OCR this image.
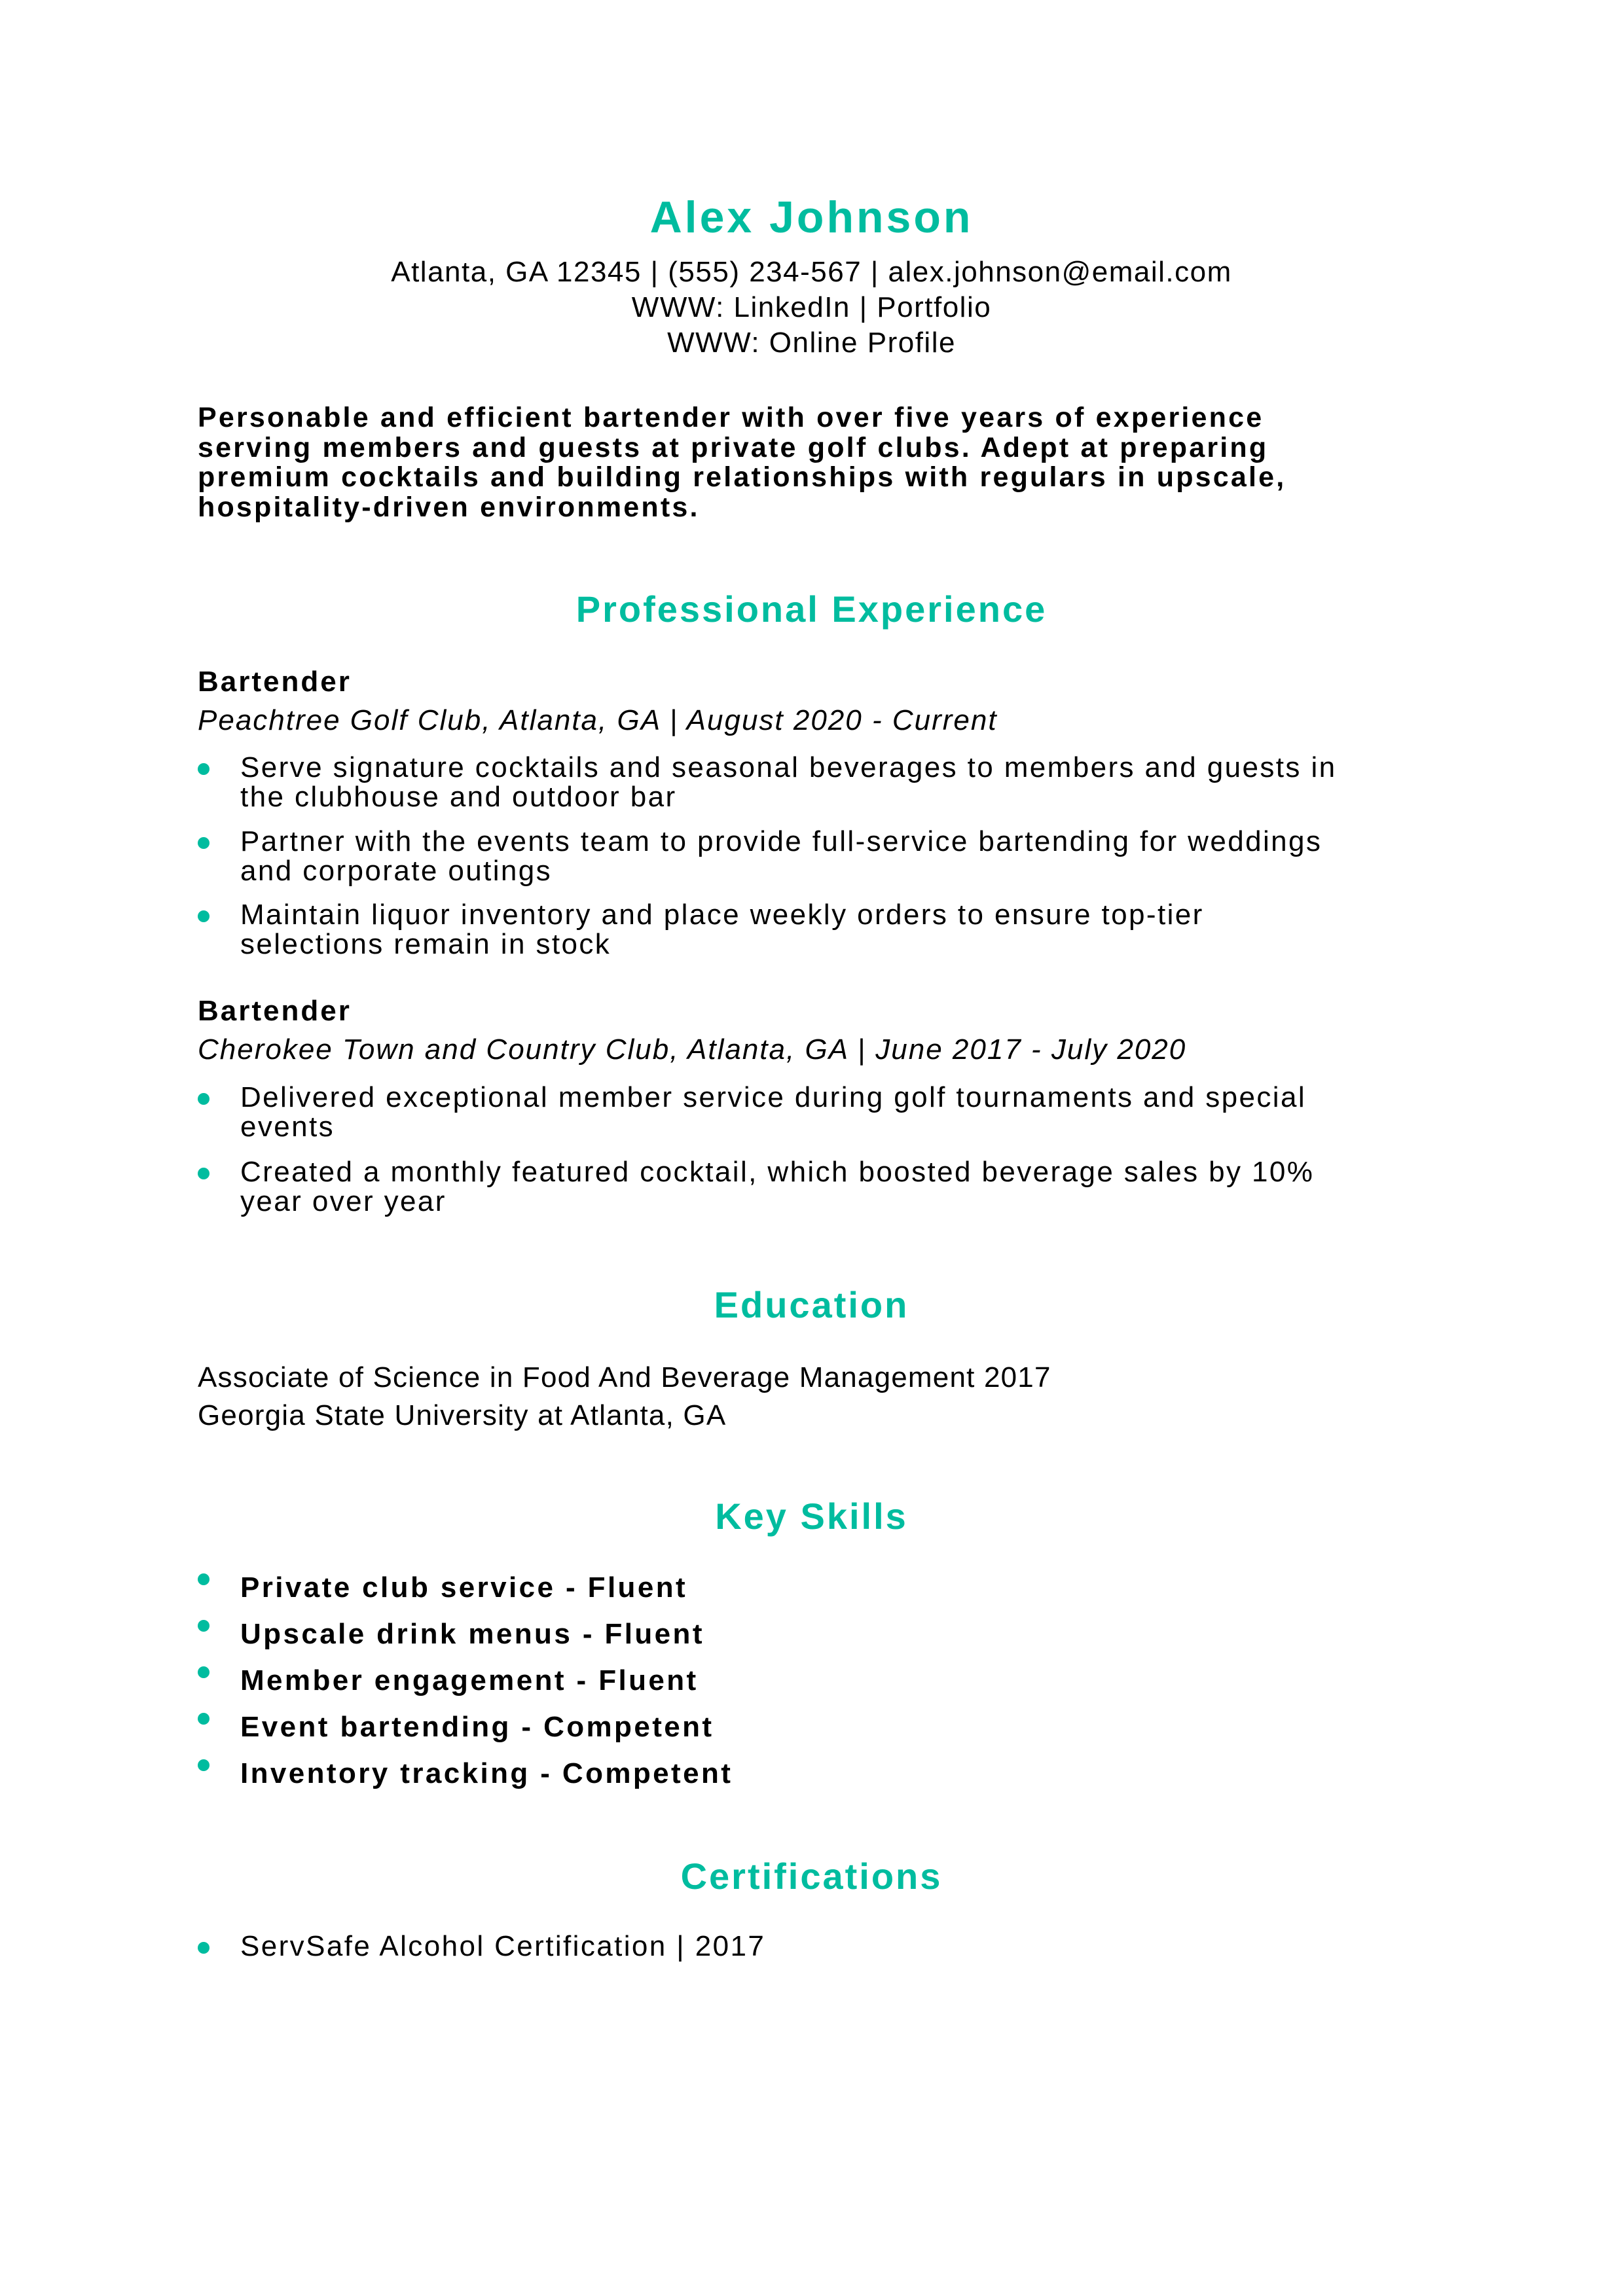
Alex Johnson
Atlanta, GA 12345 | (555) 234-567 | alex.johnson@email.com
WWW: LinkedIn | Portfolio
WWW: Online Profile
Personable and efficient bartender with over five years of experience
serving members and guests at private golf clubs. Adept at preparing
premium cocktails and building relationships with regulars in upscale,
hospitality-driven environments.
Professional Experience
Bartender
Peachtree Golf Club, Atlanta, GA | August 2020 - Current
Serve signature cocktails and seasonal beverages to members and guests in
the clubhouse and outdoor bar
Partner with the events team to provide full-service bartending for weddings
and corporate outings
Maintain liquor inventory and place weekly orders to ensure top-tier
selections remain in stock
Bartender
Cherokee Town and Country Club, Atlanta, GA | June 2017 - July 2020
Delivered exceptional member service during golf tournaments and special
events
Created a monthly featured cocktail, which boosted beverage sales by 10%
year over year
Education
Associate of Science in Food And Beverage Management 2017
Georgia State University at Atlanta, GA
Key Skills
Private club service - Fluent
Upscale drink menus - Fluent
Member engagement - Fluent
Event bartending - Competent
Inventory tracking - Competent
Certifications
ServSafe Alcohol Certification | 2017
